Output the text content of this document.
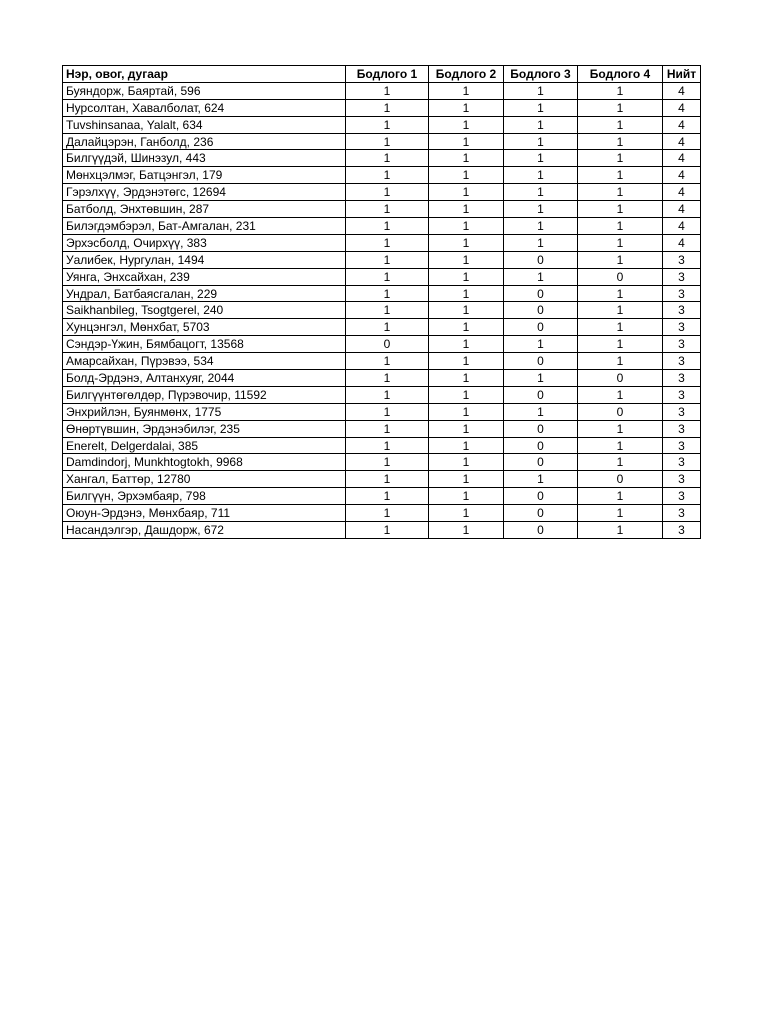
Нэр, овог, дугаар	Бодлого 1	Бодлого 2	Бодлого 3	Бодлого 4	Нийт
Буяндорж, Баяртай, 596	1	1	1	1	4
Нурсолтан, Хавалболат, 624	1	1	1	1	4
Tuvshinsanaa, Yalalt, 634	1	1	1	1	4
Далайцэрэн, Ганболд, 236	1	1	1	1	4
Билгүүдэй, Шинэзул, 443	1	1	1	1	4
Мөнхцэлмэг, Батцэнгэл, 179	1	1	1	1	4
Гэрэлхүү, Эрдэнэтөгс, 12694	1	1	1	1	4
Батболд, Энхтөвшин, 287	1	1	1	1	4
Билэгдэмбэрэл, Бат-Амгалан, 231	1	1	1	1	4
Эрхэсболд, Очирхүү, 383	1	1	1	1	4
Уалибек, Нургулан, 1494	1	1	0	1	3
Уянга, Энхсайхан, 239	1	1	1	0	3
Ундрал, Батбаясгалан, 229	1	1	0	1	3
Saikhanbileg, Tsogtgerel, 240	1	1	0	1	3
Хунцэнгэл, Мөнхбат, 5703	1	1	0	1	3
Сэндэр-Үжин, Бямбацогт, 13568	0	1	1	1	3
Амарсайхан, Пүрэвээ, 534	1	1	0	1	3
Болд-Эрдэнэ, Алтанхуяг, 2044	1	1	1	0	3
Билгүүнтөгөлдөр, Пүрэвочир, 11592	1	1	0	1	3
Энхрийлэн, Буянмөнх, 1775	1	1	1	0	3
Өнөртүвшин, Эрдэнэбилэг, 235	1	1	0	1	3
Enerelt, Delgerdalai, 385	1	1	0	1	3
Damdindorj, Munkhtogtokh, 9968	1	1	0	1	3
Хангал, Баттөр, 12780	1	1	1	0	3
Билгүүн, Эрхэмбаяр, 798	1	1	0	1	3
Оюун-Эрдэнэ, Мөнхбаяр, 711	1	1	0	1	3
Насандэлгэр, Дашдорж, 672	1	1	0	1	3
